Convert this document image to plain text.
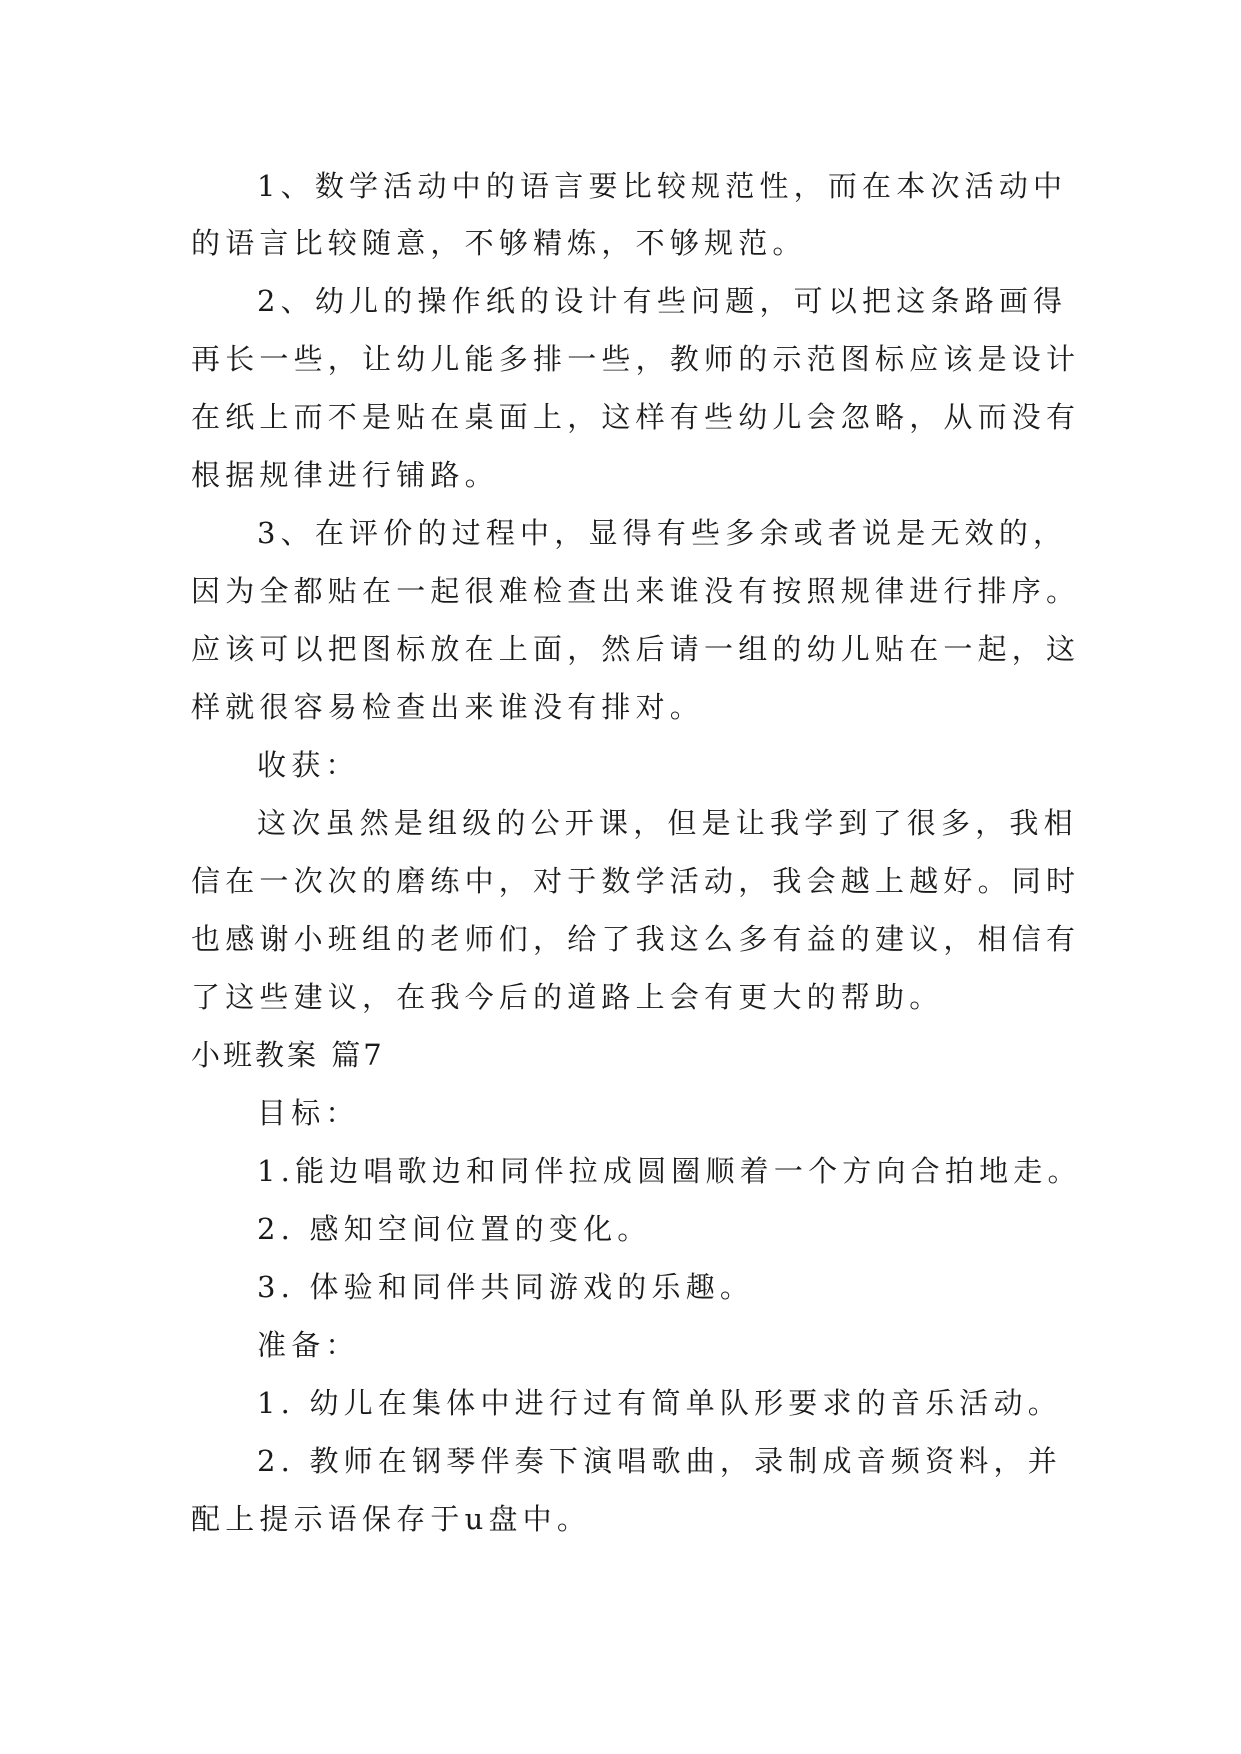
1、数学活动中的语言要比较规范性，而在本次活动中
的语言比较随意，不够精炼，不够规范。
2、幼儿的操作纸的设计有些问题，可以把这条路画得
再长一些，让幼儿能多排一些，教师的示范图标应该是设计
在纸上而不是贴在桌面上，这样有些幼儿会忽略，从而没有
根据规律进行铺路。
3、在评价的过程中，显得有些多余或者说是无效的，
因为全都贴在一起很难检查出来谁没有按照规律进行排序。
应该可以把图标放在上面，然后请一组的幼儿贴在一起，这
样就很容易检查出来谁没有排对。
收获：
这次虽然是组级的公开课，但是让我学到了很多，我相
信在一次次的磨练中，对于数学活动，我会越上越好。同时
也感谢小班组的老师们，给了我这么多有益的建议，相信有
了这些建议，在我今后的道路上会有更大的帮助。
小班教案 篇7
目标：
1.能边唱歌边和同伴拉成圆圈顺着一个方向合拍地走。
2. 感知空间位置的变化。
3. 体验和同伴共同游戏的乐趣。
准备：
1. 幼儿在集体中进行过有简单队形要求的音乐活动。
2. 教师在钢琴伴奏下演唱歌曲，录制成音频资料，并
配上提示语保存于u盘中。
